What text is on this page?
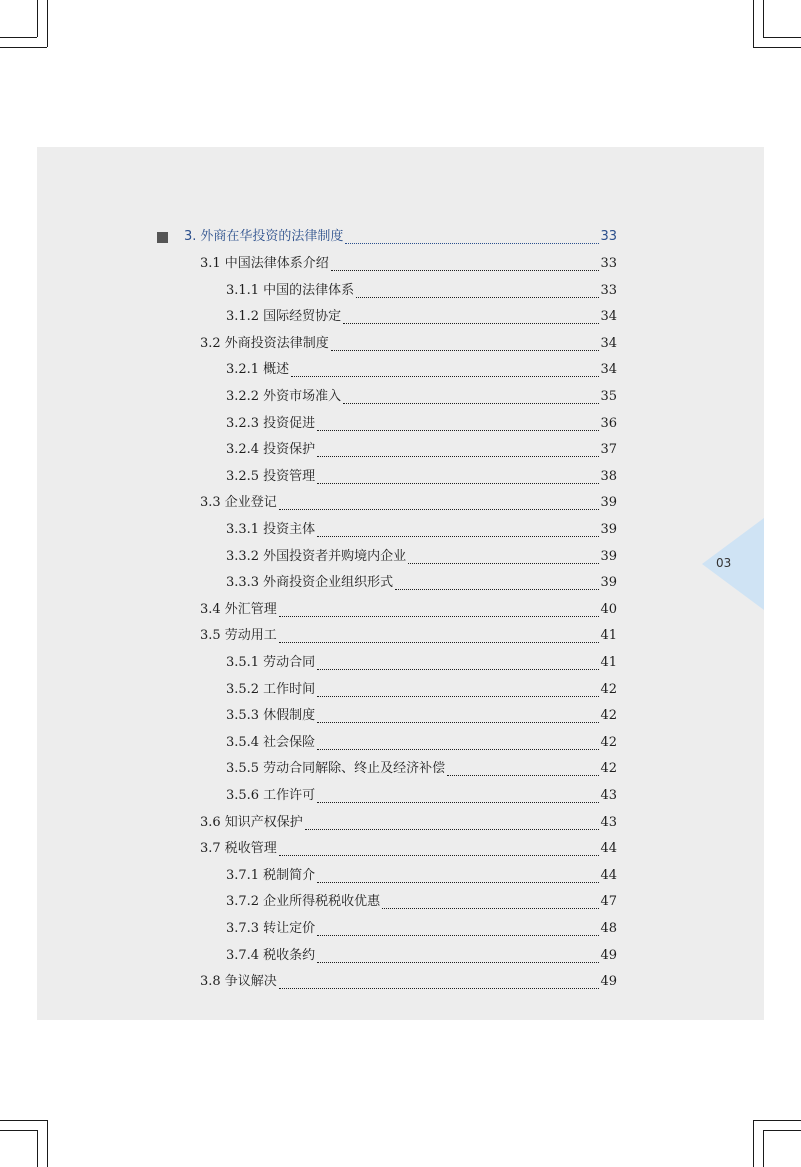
03
3. 外商在华投资的法律制度	33
3.1 中国法律体系介绍	33
3.1.1 中国的法律体系	33
3.1.2 国际经贸协定	34
3.2 外商投资法律制度	34
3.2.1 概述	34
3.2.2 外资市场准入	35
3.2.3 投资促进	36
3.2.4 投资保护	37
3.2.5 投资管理	38
3.3 企业登记	39
3.3.1 投资主体	39
3.3.2 外国投资者并购境内企业	39
3.3.3 外商投资企业组织形式	39
3.4 外汇管理	40
3.5 劳动用工	41
3.5.1 劳动合同	41
3.5.2 工作时间	42
3.5.3 休假制度	42
3.5.4 社会保险	42
3.5.5 劳动合同解除、终止及经济补偿	42
3.5.6 工作许可	43
3.6 知识产权保护	43
3.7 税收管理	44
3.7.1 税制简介	44
3.7.2 企业所得税税收优惠	47
3.7.3 转让定价	48
3.7.4 税收条约	49
3.8 争议解决	49
